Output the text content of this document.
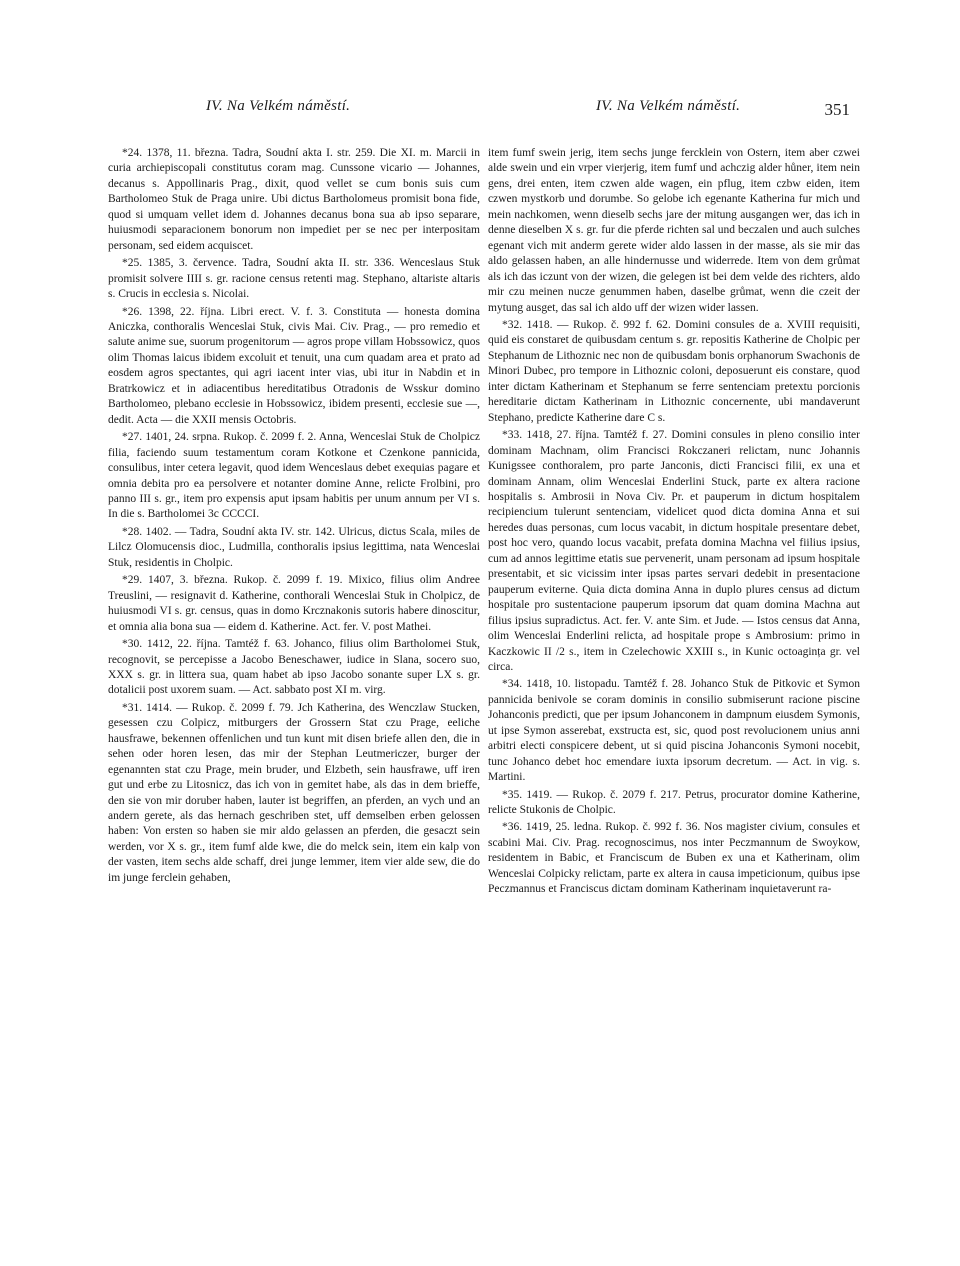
IV. Na Velkém náměstí.	IV. Na Velkém náměstí.	351

*24. 1378, 11. března. Tadra, Soudní akta I. str. 259. Die XI. m. Marcii in curia archiepiscopali constitutus coram mag. Cunssone vicario — Johannes, decanus s. Appollinaris Prag., dixit, quod vellet se cum bonis suis cum Bartholomeo Stuk de Praga unire. Ubi dictus Bartholomeus promisit bona fide, quod si umquam vellet idem d. Johannes decanus bona sua ab ipso separare, huiusmodi separacionem bonorum non impediet per se nec per interpositam personam, sed eidem acquiscet.

*25. 1385, 3. července. Tadra, Soudní akta II. str. 336. Wenceslaus Stuk promisit solvere IIII s. gr. racione census retenti mag. Stephano, altariste altaris s. Crucis in ecclesia s. Nicolai.

*26. 1398, 22. října. Libri erect. V. f. 3. Constituta — honesta domina Aniczka, conthoralis Wenceslai Stuk, civis Mai. Civ. Prag., — pro remedio et salute anime sue, suorum progenitorum — agros prope villam Hobssowicz, quos olim Thomas laicus ibidem excoluit et tenuit, una cum quadam area et prato ad eosdem agros spectantes, qui agri iacent inter vias, ubi itur in Nabdin et in Bratrkowicz et in adiacentibus hereditatibus Otradonis de Wsskur domino Bartholomeo, plebano ecclesie in Hobssowicz, ibidem presenti, ecclesie sue —, dedit. Acta — die XXII mensis Octobris.

*27. 1401, 24. srpna. Rukop. č. 2099 f. 2. Anna, Wenceslai Stuk de Cholpicz filia, faciendo suum testamentum coram Kotkone et Czenkone pannicida, consulibus, inter cetera legavit, quod idem Wenceslaus debet exequias pagare et omnia debita pro ea persolvere et notanter domine Anne, relicte Frolbini, pro panno III s. gr., item pro expensis aput ipsam habitis per unum annum per VI s. In die s. Bartholomei 3c CCCCI.

*28. 1402. — Tadra, Soudní akta IV. str. 142. Ulricus, dictus Scala, miles de Lilcz Olomucensis dioc., Ludmilla, conthoralis ipsius legittima, nata Wenceslai Stuk, residentis in Cholpic.

*29. 1407, 3. března. Rukop. č. 2099 f. 19. Mixico, filius olim Andree Treuslini, — resignavit d. Katherine, conthorali Wenceslai Stuk in Cholpicz, de huiusmodi VI s. gr. census, quas in domo Krcznakonis sutoris habere dinoscitur, et omnia alia bona sua — eidem d. Katherine. Act. fer. V. post Mathei.

*30. 1412, 22. října. Tamtéž f. 63. Johanco, filius olim Bartholomei Stuk, recognovit, se percepisse a Jacobo Beneschawer, iudice in Slana, socero suo, XXX s. gr. in littera sua, quam habet ab ipso Jacobo sonante super LX s. gr. dotalicii post uxorem suam. — Act. sabbato post XI m. virg.

*31. 1414. — Rukop. č. 2099 f. 79. Jch Katherina, des Wenczlaw Stucken, gesessen czu Colpicz, mitburgers der Grossern Stat czu Prage, eeliche hausfrawe, bekennen offenlichen und tun kunt mit disen briefe allen den, die in sehen oder horen lesen, das mir der Stephan Leutmericzer, burger der egenannten stat czu Prage, mein bruder, und Elzbeth, sein hausfrawe, uff iren gut und erbe zu Litosnicz, das ich von in gemitet habe, als das in dem brieffe, den sie von mir doruber haben, lauter ist begriffen, an pferden, an vych und an andern gerete, als das hernach geschriben stet, uff demselben erben gelossen haben: Von ersten so haben sie mir aldo gelassen an pferden, die gesaczt sein werden, vor X s. gr., item fumf alde kwe, die do melck sein, item ein kalp von der vasten, item sechs alde schaff, drei junge lemmer, item vier alde sew, die do im junge ferclein gehaben,

item fumf swein jerig, item sechs junge fercklein von Ostern, item aber czwei alde swein und ein vrper vierjerig, item fumf und achczig alder hůner, item nein gens, drei enten, item czwen alde wagen, ein pflug, item czbw eiden, item czwen mystkorb und dorumbe. So gelobe ich egenante Katherina fur mich und mein nachkomen, wenn dieselb sechs jare der mitung ausgangen wer, das ich in denne dieselben X s. gr. fur die pferde richten sal und beczalen und auch sulches egenant vich mit anderm gerete wider aldo lassen in der masse, als sie mir das aldo gelassen haben, an alle hindernusse und widerrede. Item von dem grůmat als ich das iczunt von der wizen, die gelegen ist bei dem velde des richters, aldo mir czu meinen nucze genummen haben, daselbe grůmat, wenn die czeit der mytung ausget, das sal ich aldo uff der wizen wider lassen.

*32. 1418. — Rukop. č. 992 f. 62. Domini consules de a. XVIII requisiti, quid eis constaret de quibusdam centum s. gr. repositis Katherine de Cholpic per Stephanum de Lithoznic nec non de quibusdam bonis orphanorum Swachonis de Minori Dubec, pro tempore in Lithoznic coloni, deposuerunt eis constare, quod inter dictam Katherinam et Stephanum se ferre sentenciam pretextu porcionis hereditarie dictam Katherinam in Lithoznic concernente, ubi mandaverunt Stephano, predicte Katherine dare C s.

*33. 1418, 27. října. Tamtéž f. 27. Domini consules in pleno consilio inter dominam Machnam, olim Francisci Rokczaneri relictam, nunc Johannis Kunigssee conthoralem, pro parte Janconis, dicti Francisci filii, ex una et dominam Annam, olim Wenceslai Enderlini Stuck, parte ex altera racione hospitalis s. Ambrosii in Nova Civ. Pr. et pauperum in dictum hospitalem recipiencium tulerunt sentenciam, videlicet quod dicta domina Anna et sui heredes duas personas, cum locus vacabit, in dictum hospitale presentare debet, post hoc vero, quando locus vacabit, prefata domina Machna vel fiilius ipsius, cum ad annos legittime etatis sue pervenerit, unam personam ad ipsum hospitale presentabit, et sic vicissim inter ipsas partes servari dedebit in presentacione pauperum eviterne. Quia dicta domina Anna in duplo plures census ad dictum hospitale pro sustentacione pauperum ipsorum dat quam domina Machna aut filius ipsius supradictus. Act. fer. V. ante Sim. et Jude. — Istos census dat Anna, olim Wenceslai Enderlini relicta, ad hospitale prope s Ambrosium: primo in Kaczkowic II /2 s., item in Czelechowic XXIII s., in Kunic octoagința gr. vel circa.

*34. 1418, 10. listopadu. Tamtéž f. 28. Johanco Stuk de Pitkovic et Symon pannicida benivole se coram dominis in consilio submiserunt racione piscine Johanconis predicti, que per ipsum Johanconem in dampnum eiusdem Symonis, ut ipse Symon asserebat, exstructa est, sic, quod post revolucionem unius anni arbitri electi conspicere debent, ut si quid piscina Johanconis Symoni nocebit, tunc Johanco debet hoc emendare iuxta ipsorum decretum. — Act. in vig. s. Martini.

*35. 1419. — Rukop. č. 2079 f. 217. Petrus, procurator domine Katherine, relicte Stukonis de Cholpic.

*36. 1419, 25. ledna. Rukop. č. 992 f. 36. Nos magister civium, consules et scabini Mai. Civ. Prag. recognoscimus, nos inter Peczmannum de Swoykow, residentem in Babic, et Franciscum de Buben ex una et Katherinam, olim Wenceslai Colpicky relictam, parte ex altera in causa impeticionum, quibus ipse Peczmannus et Franciscus dictam dominam Katherinam inquietaverunt ra-
